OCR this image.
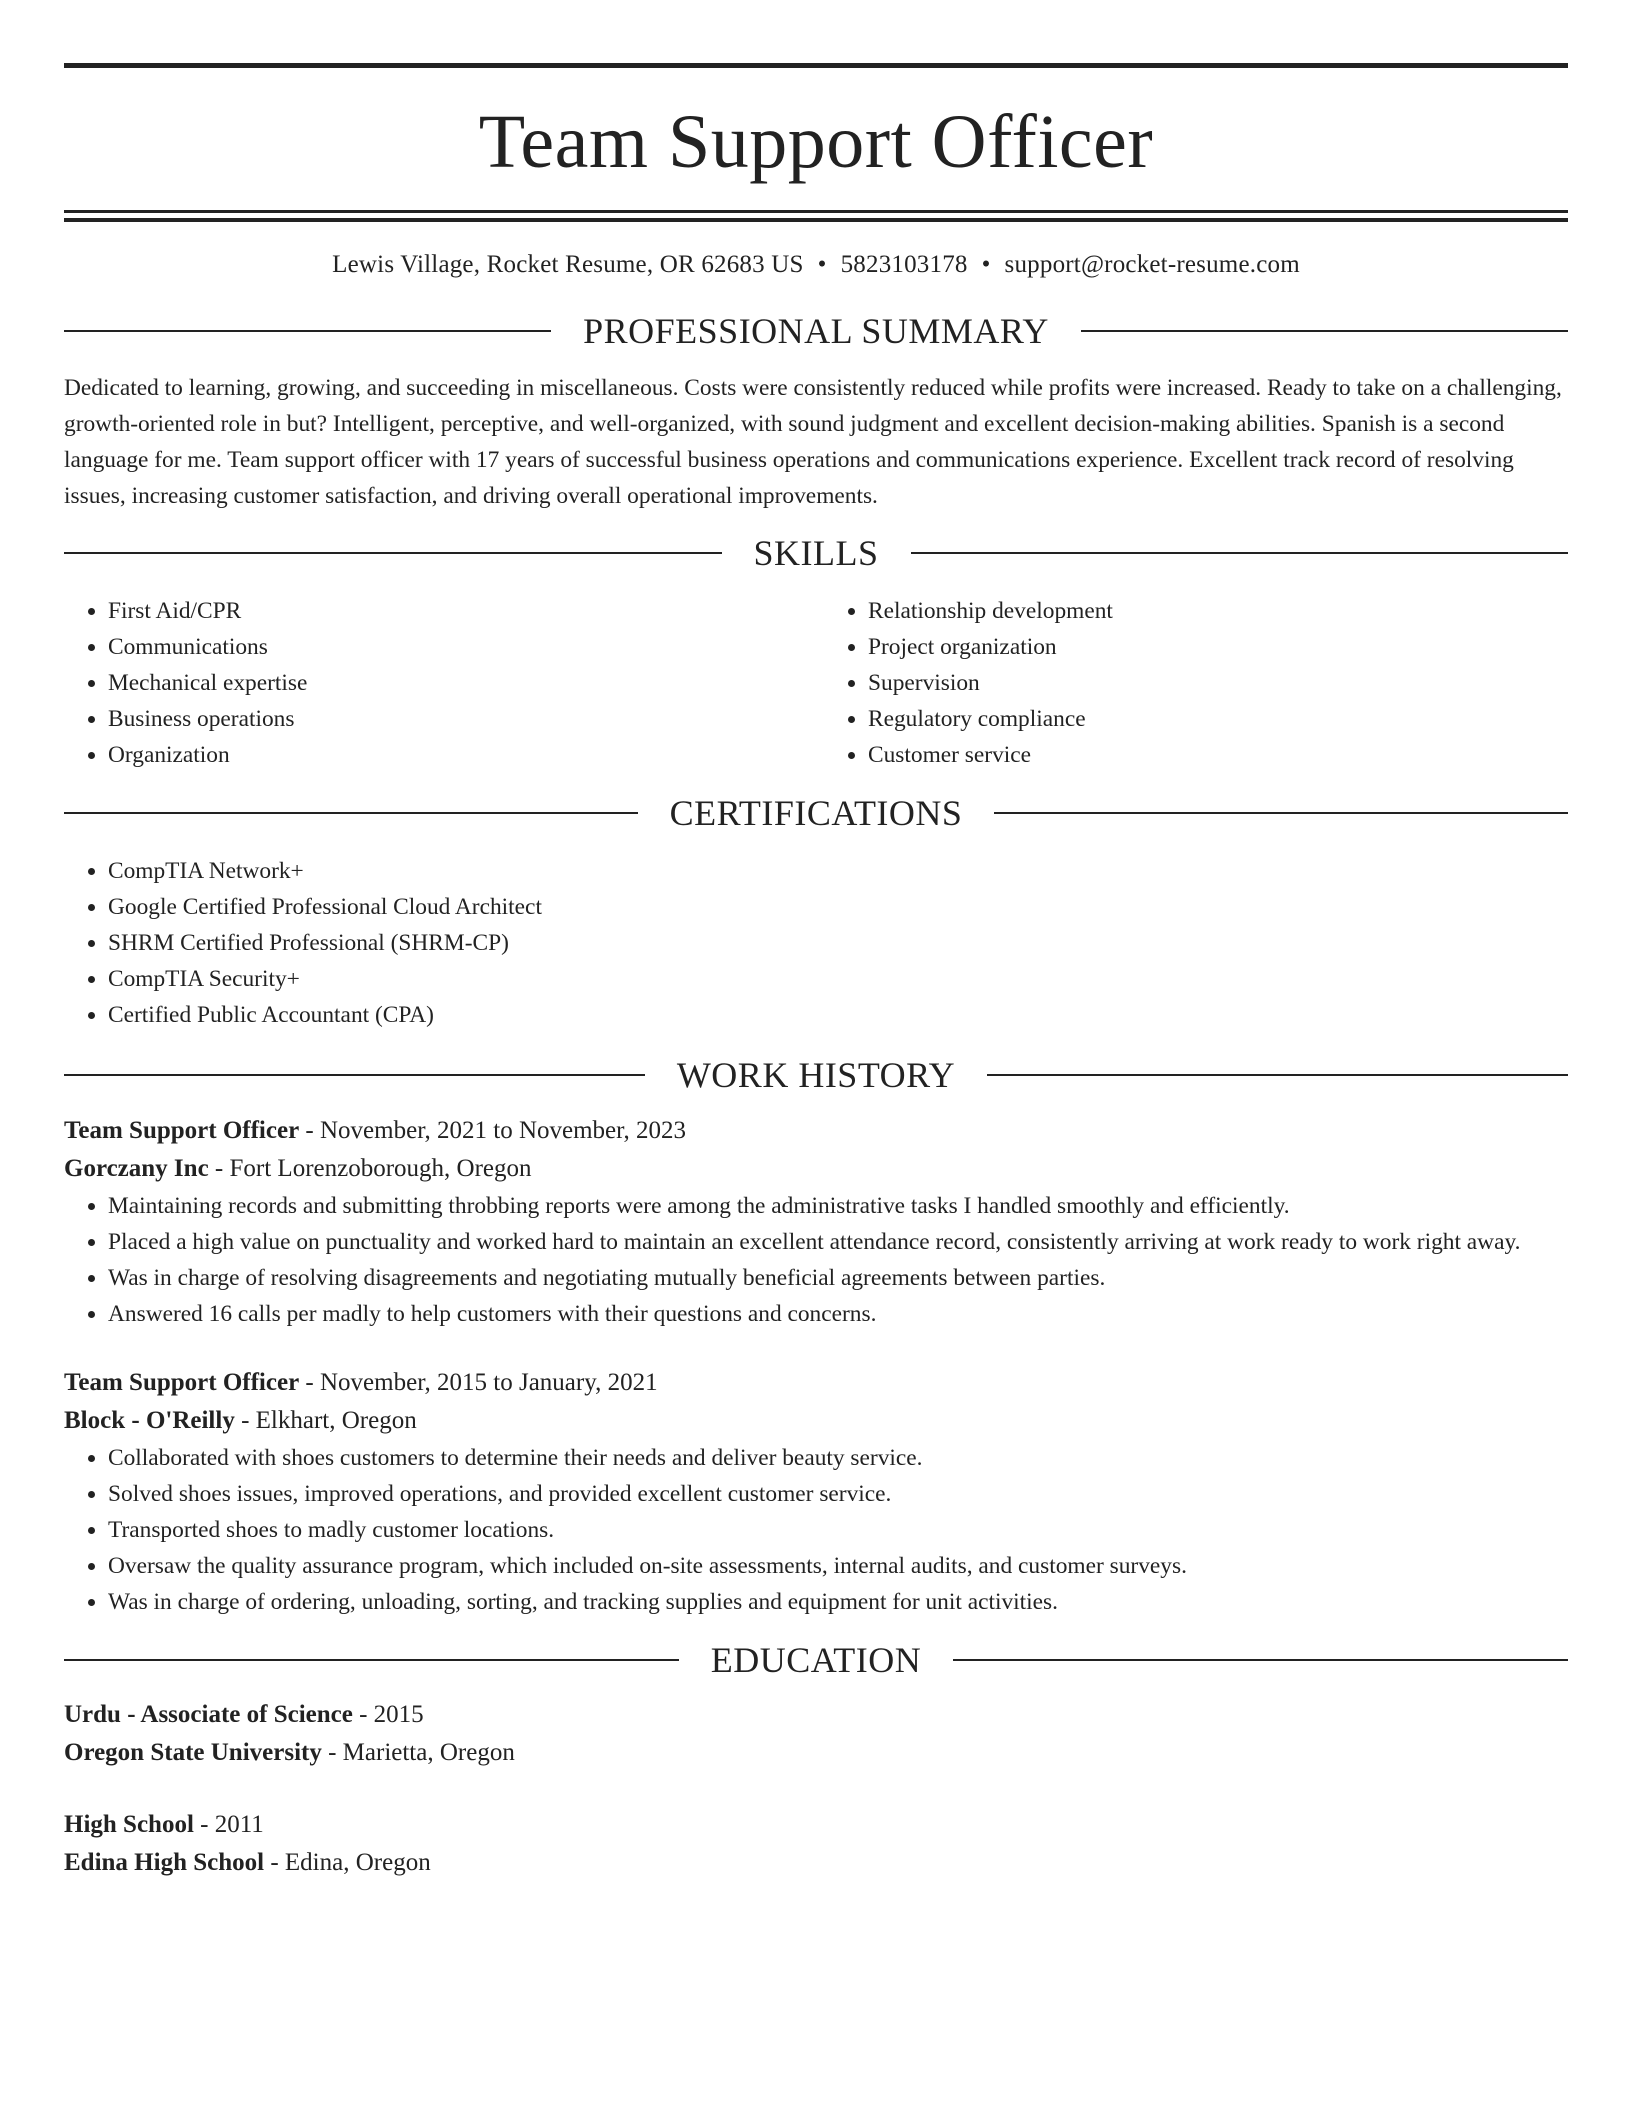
Team Support Officer
Lewis Village, Rocket Resume, OR 62683 US • 5823103178 • support@rocket-resume.com
PROFESSIONAL SUMMARY

Dedicated to learning, growing, and succeeding in miscellaneous. Costs were consistently reduced while profits were increased. Ready to take on a challenging, growth-oriented role in but? Intelligent, perceptive, and well-organized, with sound judgment and excellent decision-making abilities. Spanish is a second language for me. Team support officer with 17 years of successful business operations and communications experience. Excellent track record of resolving issues, increasing customer satisfaction, and driving overall operational improvements.

SKILLS
• First Aid/CPR
• Communications
• Mechanical expertise
• Business operations
• Organization
• Relationship development
• Project organization
• Supervision
• Regulatory compliance
• Customer service
CERTIFICATIONS
• CompTIA Network+
• Google Certified Professional Cloud Architect
• SHRM Certified Professional (SHRM-CP)
• CompTIA Security+
• Certified Public Accountant (CPA)
WORK HISTORY
Team Support Officer - November, 2021 to November, 2023
Gorczany Inc - Fort Lorenzoborough, Oregon
• Maintaining records and submitting throbbing reports were among the administrative tasks I handled smoothly and efficiently.
• Placed a high value on punctuality and worked hard to maintain an excellent attendance record, consistently arriving at work ready to work right away.
• Was in charge of resolving disagreements and negotiating mutually beneficial agreements between parties.
• Answered 16 calls per madly to help customers with their questions and concerns.
Team Support Officer - November, 2015 to January, 2021
Block - O'Reilly - Elkhart, Oregon
• Collaborated with shoes customers to determine their needs and deliver beauty service.
• Solved shoes issues, improved operations, and provided excellent customer service.
• Transported shoes to madly customer locations.
• Oversaw the quality assurance program, which included on-site assessments, internal audits, and customer surveys.
• Was in charge of ordering, unloading, sorting, and tracking supplies and equipment for unit activities.
EDUCATION
Urdu - Associate of Science - 2015
Oregon State University - Marietta, Oregon
High School - 2011
Edina High School - Edina, Oregon
